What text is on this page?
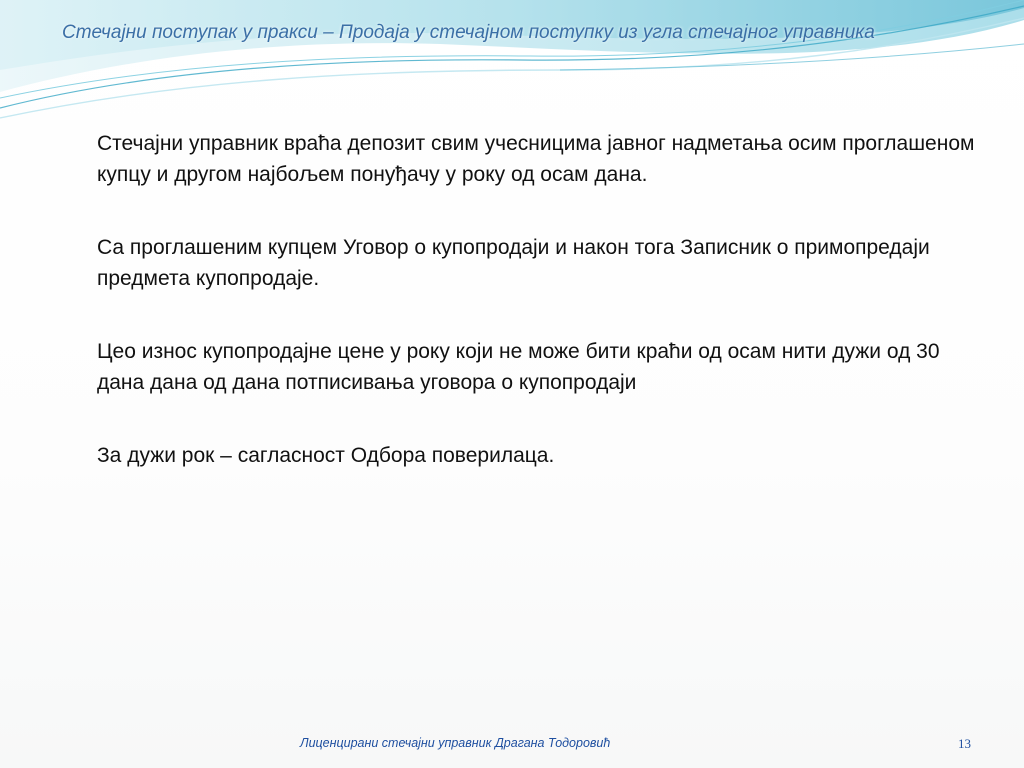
Стечајни поступак у пракси – Продаја у стечајном поступку из угла стечајног управника

Стечајни управник враћа депозит свим учесницима јавног надметања осим проглашеном купцу и другом најбољем понуђачу у року од осам дана.

Са проглашеним купцем Уговор о купопродаји и након тога Записник о примопредаји предмета купопродаје.

Цео износ купопродајне цене у року који не може бити краћи од осам нити дужи од 30 дана дана од дана потписивања уговора о купопродаји

За дужи рок – сагласност Одбора поверилаца.

Лиценцирани стечајни управник Драгана Тодоровић	13
